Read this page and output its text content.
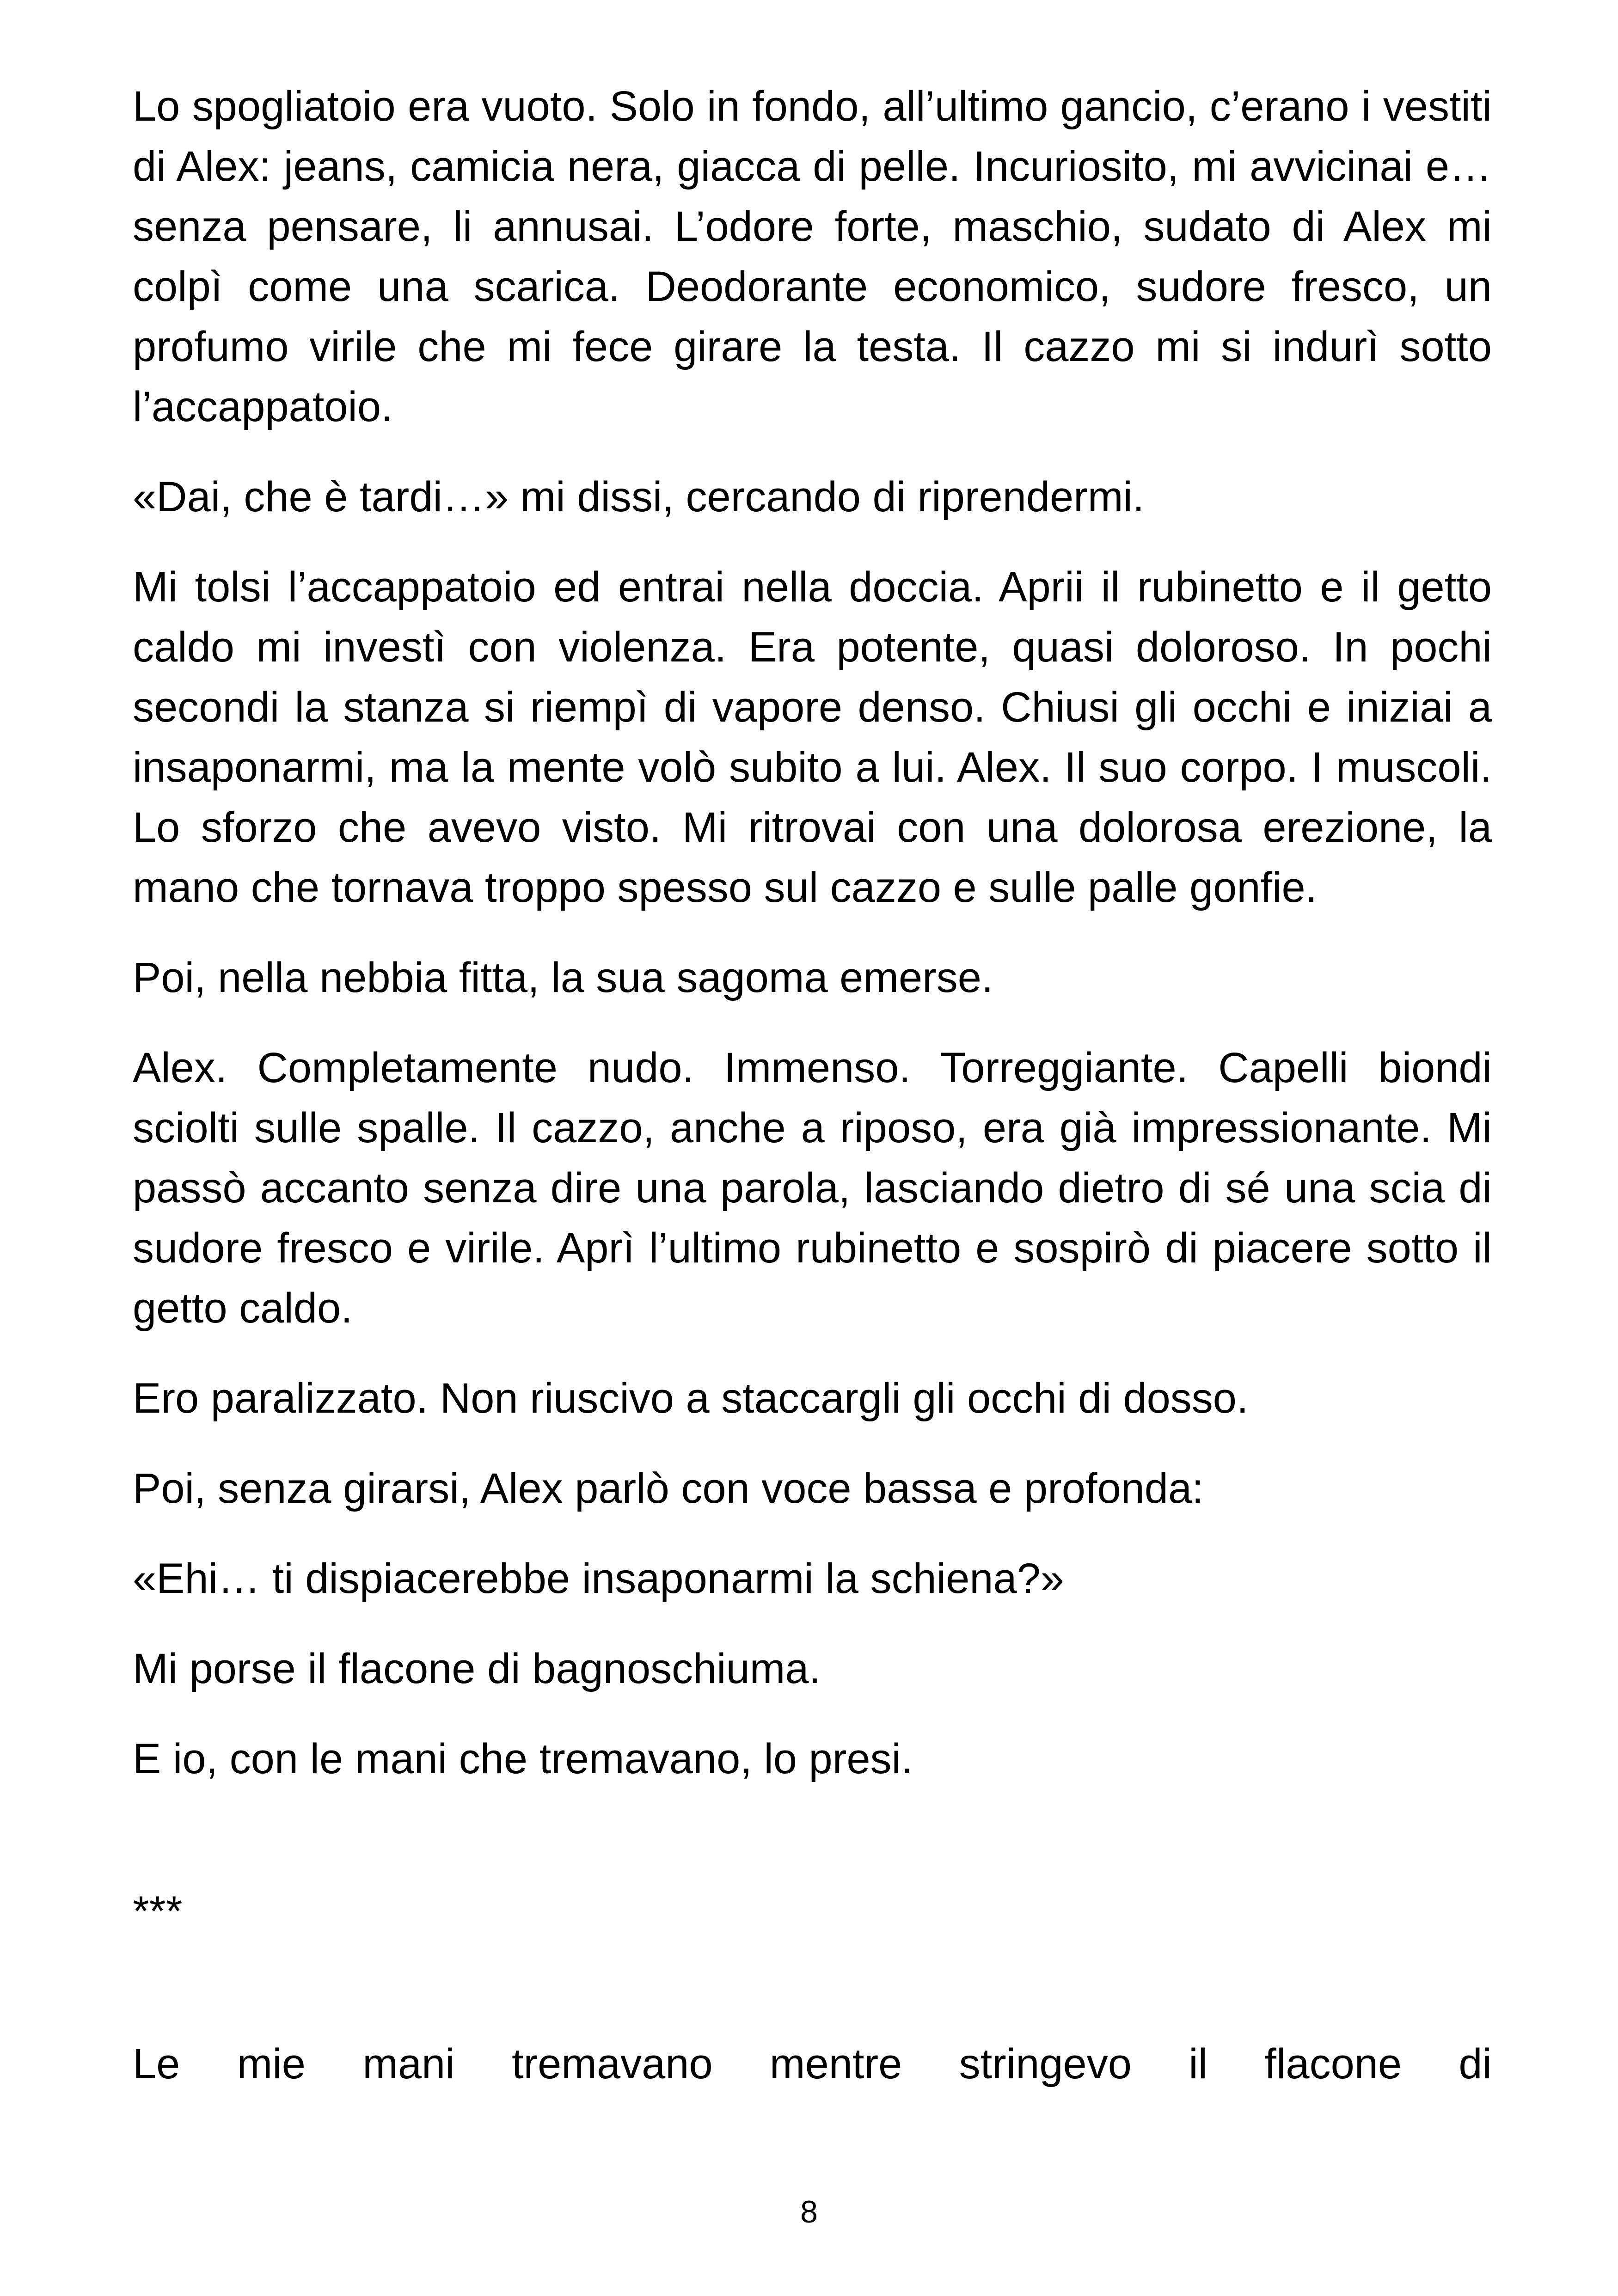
Lo spogliatoio era vuoto. Solo in fondo, all’ultimo gancio, c’erano i vestiti di Alex: jeans, camicia nera, giacca di pelle. Incuriosito, mi avvicinai e… senza pensare, li annusai. L’odore forte, maschio, sudato di Alex mi colpì come una scarica. Deodorante economico, sudore fresco, un profumo virile che mi fece girare la testa. Il cazzo mi si indurì sotto l’accappatoio.

«Dai, che è tardi…» mi dissi, cercando di riprendermi.

Mi tolsi l’accappatoio ed entrai nella doccia. Aprii il rubinetto e il getto caldo mi investì con violenza. Era potente, quasi doloroso. In pochi secondi la stanza si riempì di vapore denso. Chiusi gli occhi e iniziai a insaponarmi, ma la mente volò subito a lui. Alex. Il suo corpo. I muscoli. Lo sforzo che avevo visto. Mi ritrovai con una dolorosa erezione, la mano che tornava troppo spesso sul cazzo e sulle palle gonfie.

Poi, nella nebbia fitta, la sua sagoma emerse.

Alex. Completamente nudo. Immenso. Torreggiante. Capelli biondi sciolti sulle spalle. Il cazzo, anche a riposo, era già impressionante. Mi passò accanto senza dire una parola, lasciando dietro di sé una scia di sudore fresco e virile. Aprì l’ultimo rubinetto e sospirò di piacere sotto il getto caldo.

Ero paralizzato. Non riuscivo a staccargli gli occhi di dosso.

Poi, senza girarsi, Alex parlò con voce bassa e profonda:

«Ehi… ti dispiacerebbe insaponarmi la schiena?»

Mi porse il flacone di bagnoschiuma.

E io, con le mani che tremavano, lo presi.

***

Le mie mani tremavano mentre stringevo il flacone di

8
